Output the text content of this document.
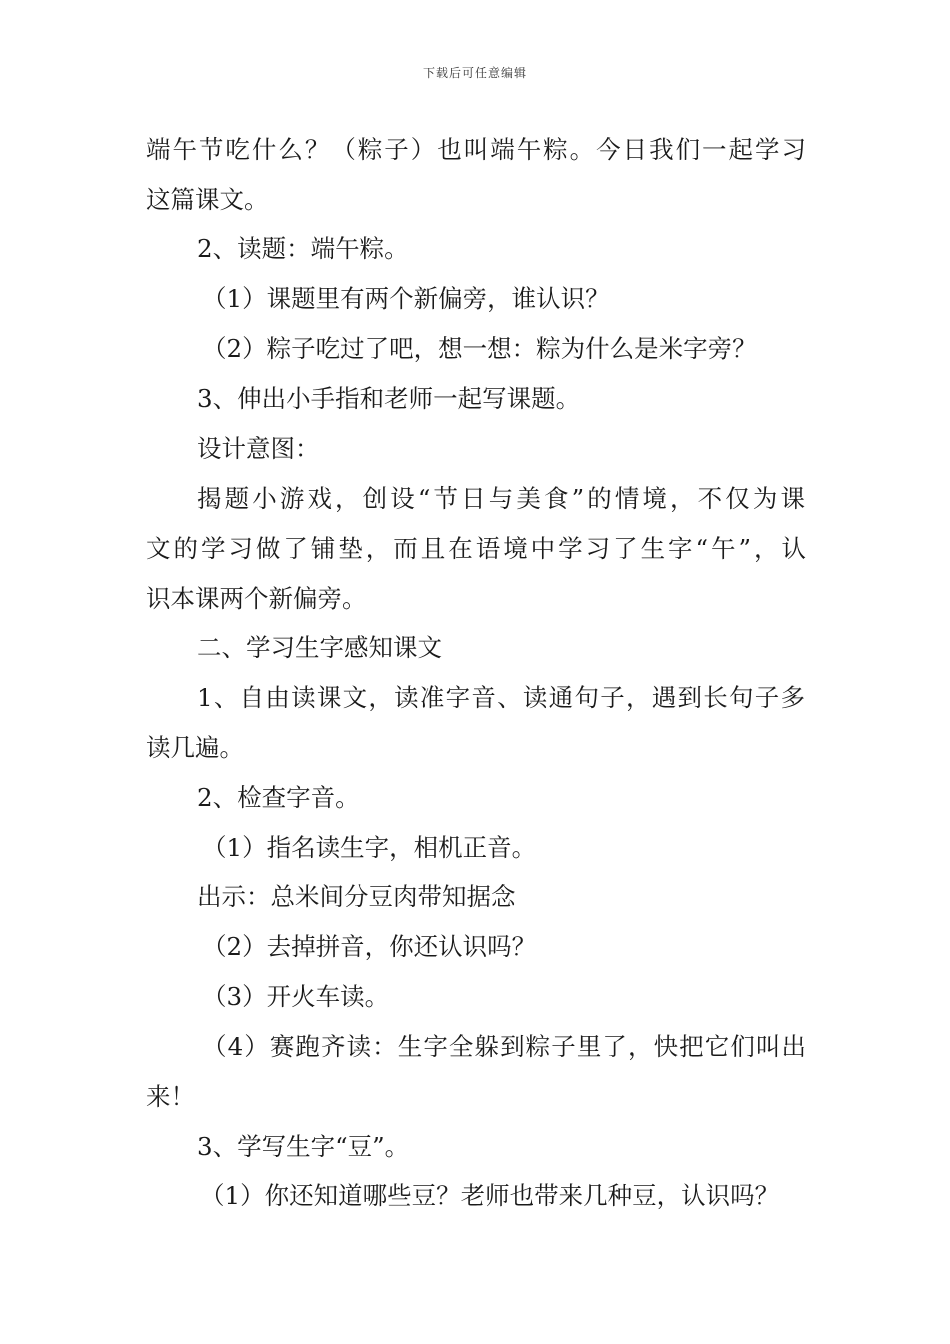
下载后可任意编辑
端午节吃什么？（粽子）也叫端午粽。今日我们一起学习
这篇课文。
2、读题：端午粽。
（1）课题里有两个新偏旁，谁认识？
（2）粽子吃过了吧，想一想：粽为什么是米字旁？
3、伸出小手指和老师一起写课题。
设计意图：
揭题小游戏，创设“节日与美食”的情境，不仅为课
文的学习做了铺垫，而且在语境中学习了生字“午”，认
识本课两个新偏旁。
二、学习生字感知课文
1、自由读课文，读准字音、读通句子，遇到长句子多
读几遍。
2、检查字音。
（1）指名读生字，相机正音。
出示：总米间分豆肉带知据念
（2）去掉拼音，你还认识吗？
（3）开火车读。
（4）赛跑齐读：生字全躲到粽子里了，快把它们叫出
来！
3、学写生字“豆”。
（1）你还知道哪些豆？老师也带来几种豆，认识吗？
